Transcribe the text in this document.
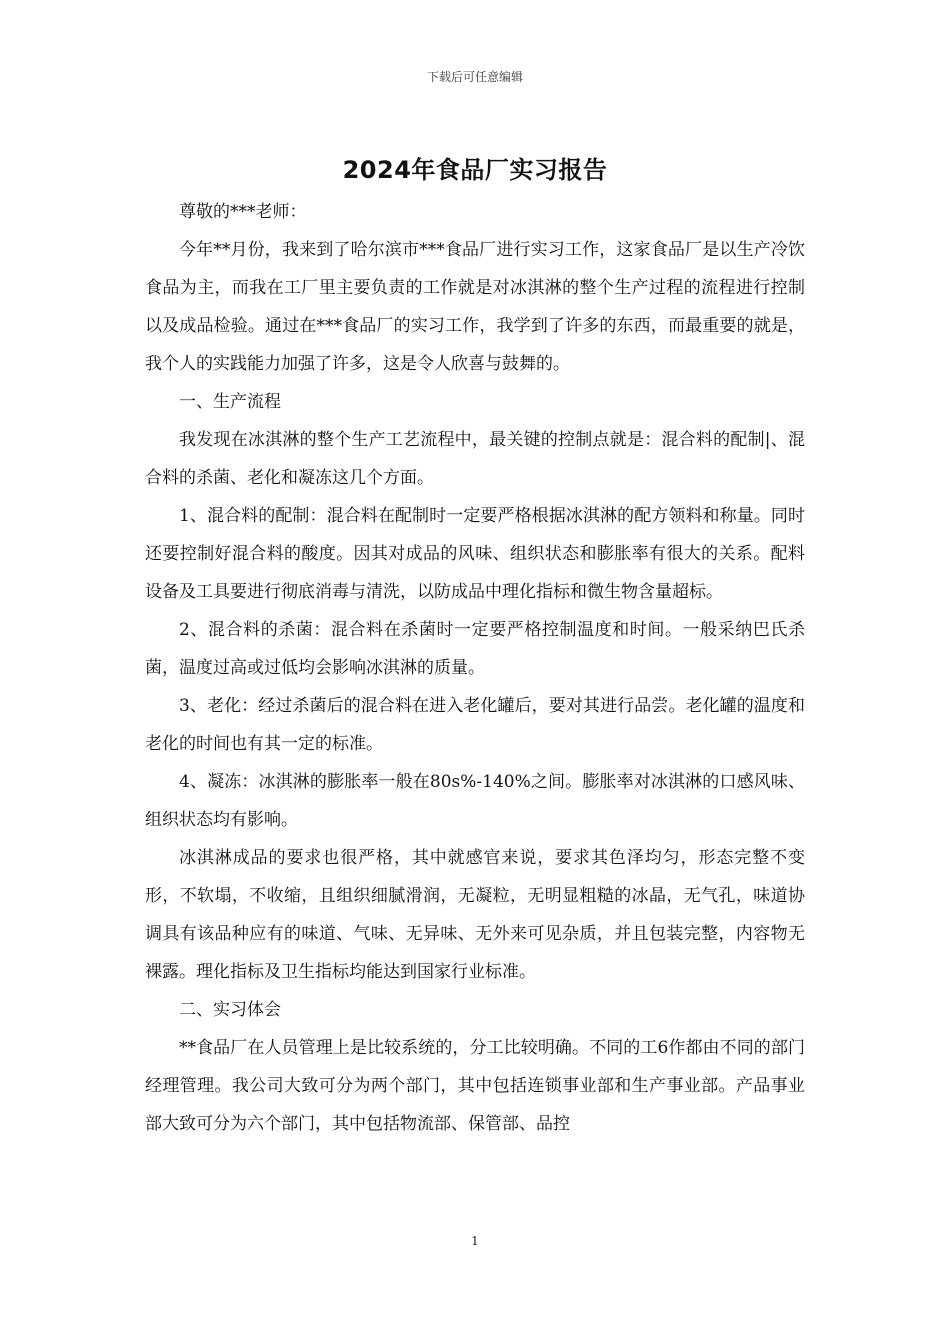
下载后可任意编辑
2024年食品厂实习报告

尊敬的***老师：

今年**月份，我来到了哈尔滨市***食品厂进行实习工作，这家食品厂是以生产冷饮食品为主，而我在工厂里主要负责的工作就是对冰淇淋的整个生产过程的流程进行控制以及成品检验。通过在***食品厂的实习工作，我学到了许多的东西，而最重要的就是，我个人的实践能力加强了许多，这是令人欣喜与鼓舞的。

一、生产流程

我发现在冰淇淋的整个生产工艺流程中，最关键的控制点就是：混合料的配制|、混合料的杀菌、老化和凝冻这几个方面。

1、混合料的配制：混合料在配制时一定要严格根据冰淇淋的配方领料和称量。同时还要控制好混合料的酸度。因其对成品的风味、组织状态和膨胀率有很大的关系。配料设备及工具要进行彻底消毒与清洗，以防成品中理化指标和微生物含量超标。

2、混合料的杀菌：混合料在杀菌时一定要严格控制温度和时间。一般采纳巴氏杀菌，温度过高或过低均会影响冰淇淋的质量。

3、老化：经过杀菌后的混合料在进入老化罐后，要对其进行品尝。老化罐的温度和老化的时间也有其一定的标准。

4、凝冻：冰淇淋的膨胀率一般在80s%-140%之间。膨胀率对冰淇淋的口感风味、组织状态均有影响。

冰淇淋成品的要求也很严格，其中就感官来说，要求其色泽均匀，形态完整不变形，不软塌，不收缩，且组织细腻滑润，无凝粒，无明显粗糙的冰晶，无气孔，味道协调具有该品种应有的味道、气味、无异味、无外来可见杂质，并且包装完整，内容物无裸露。理化指标及卫生指标均能达到国家行业标准。

二、实习体会

**食品厂在人员管理上是比较系统的，分工比较明确。不同的工6作都由不同的部门经理管理。我公司大致可分为两个部门，其中包括连锁事业部和生产事业部。产品事业部大致可分为六个部门，其中包括物流部、保管部、品控

1
